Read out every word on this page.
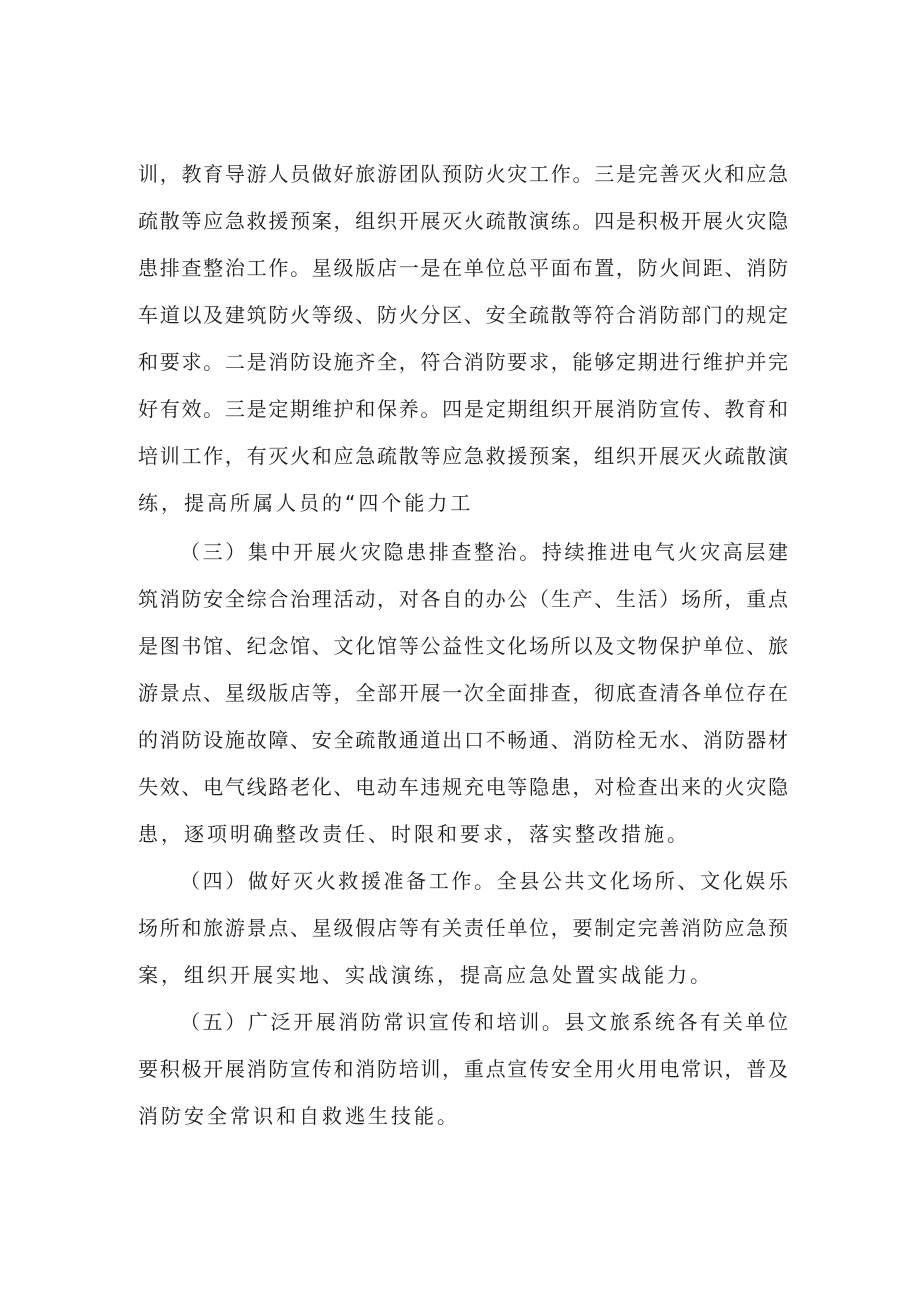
训，教育导游人员做好旅游团队预防火灾工作。三是完善灭火和应急
疏散等应急救援预案，组织开展灭火疏散演练。四是积极开展火灾隐
患排查整治工作。星级版店一是在单位总平面布置，防火间距、消防
车道以及建筑防火等级、防火分区、安全疏散等符合消防部门的规定
和要求。二是消防设施齐全，符合消防要求，能够定期进行维护并完
好有效。三是定期维护和保养。四是定期组织开展消防宣传、教育和
培训工作，有灭火和应急疏散等应急救援预案，组织开展灭火疏散演
练，提高所属人员的“四个能力工
（三）集中开展火灾隐患排查整治。持续推进电气火灾高层建
筑消防安全综合治理活动，对各自的办公（生产、生活）场所，重点
是图书馆、纪念馆、文化馆等公益性文化场所以及文物保护单位、旅
游景点、星级版店等，全部开展一次全面排查，彻底查清各单位存在
的消防设施故障、安全疏散通道出口不畅通、消防栓无水、消防器材
失效、电气线路老化、电动车违规充电等隐患，对检查出来的火灾隐
患，逐项明确整改责任、时限和要求，落实整改措施。
（四）做好灭火救援准备工作。全县公共文化场所、文化娱乐
场所和旅游景点、星级假店等有关责任单位，要制定完善消防应急预
案，组织开展实地、实战演练，提高应急处置实战能力。
（五）广泛开展消防常识宣传和培训。县文旅系统各有关单位
要积极开展消防宣传和消防培训，重点宣传安全用火用电常识，普及
消防安全常识和自救逃生技能。
